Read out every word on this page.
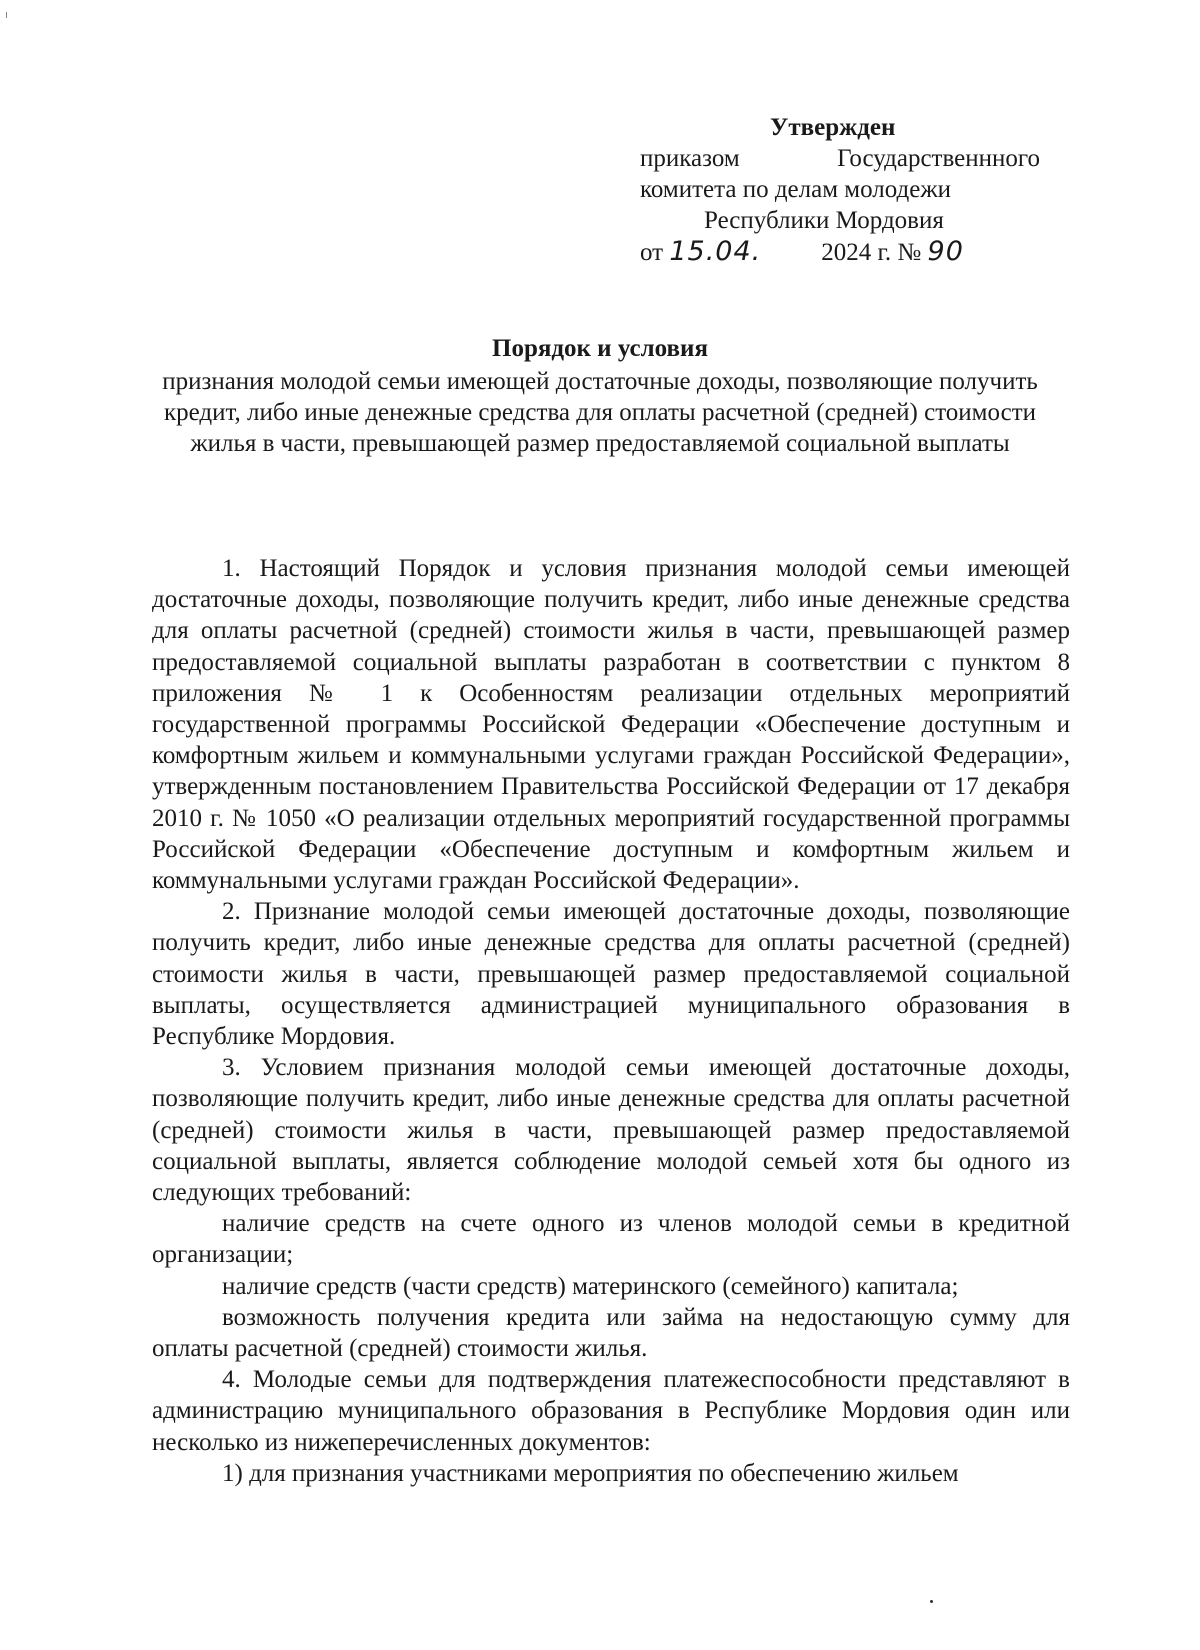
Утвержден
приказом	Государственнного
комитета по делам молодежи
Республики Мордовия
от
15.04. 2024 г. №
90
Порядок и условия
признания молодой семьи имеющей достаточные доходы, позволяющие получить кредит, либо иные денежные средства для оплаты расчетной (средней) стоимости жилья в части, превышающей размер предоставляемой социальной выплаты

1. Настоящий Порядок и условия признания молодой семьи имеющей достаточные доходы, позволяющие получить кредит, либо иные денежные средства для оплаты расчетной (средней) стоимости жилья в части, превышающей размер предоставляемой социальной выплаты разработан в соответствии с пунктом 8 приложения № 1 к Особенностям реализации отдельных мероприятий государственной программы Российской Федерации «Обеспечение доступным и комфортным жильем и коммунальными услугами граждан Российской Федерации», утвержденным постановлением Правительства Российской Федерации от 17 декабря 2010 г. № 1050 «О реализации отдельных мероприятий государственной программы Российской Федерации «Обеспечение доступным и комфортным жильем и коммунальными услугами граждан Российской Федерации».

2. Признание молодой семьи имеющей достаточные доходы, позволяющие получить кредит, либо иные денежные средства для оплаты расчетной (средней) стоимости жилья в части, превышающей размер предоставляемой социальной выплаты, осуществляется администрацией муниципального образования в Республике Мордовия.

3. Условием признания молодой семьи имеющей достаточные доходы, позволяющие получить кредит, либо иные денежные средства для оплаты расчетной (средней) стоимости жилья в части, превышающей размер предоставляемой социальной выплаты, является соблюдение молодой семьей хотя бы одного из следующих требований:

наличие средств на счете одного из членов молодой семьи в кредитной организации;

наличие средств (части средств) материнского (семейного) капитала;

возможность получения кредита или займа на недостающую сумму для оплаты расчетной (средней) стоимости жилья.

4. Молодые семьи для подтверждения платежеспособности представляют в администрацию муниципального образования в Республике Мордовия один или несколько из нижеперечисленных документов:

1) для признания участниками мероприятия по обеспечению жильем
